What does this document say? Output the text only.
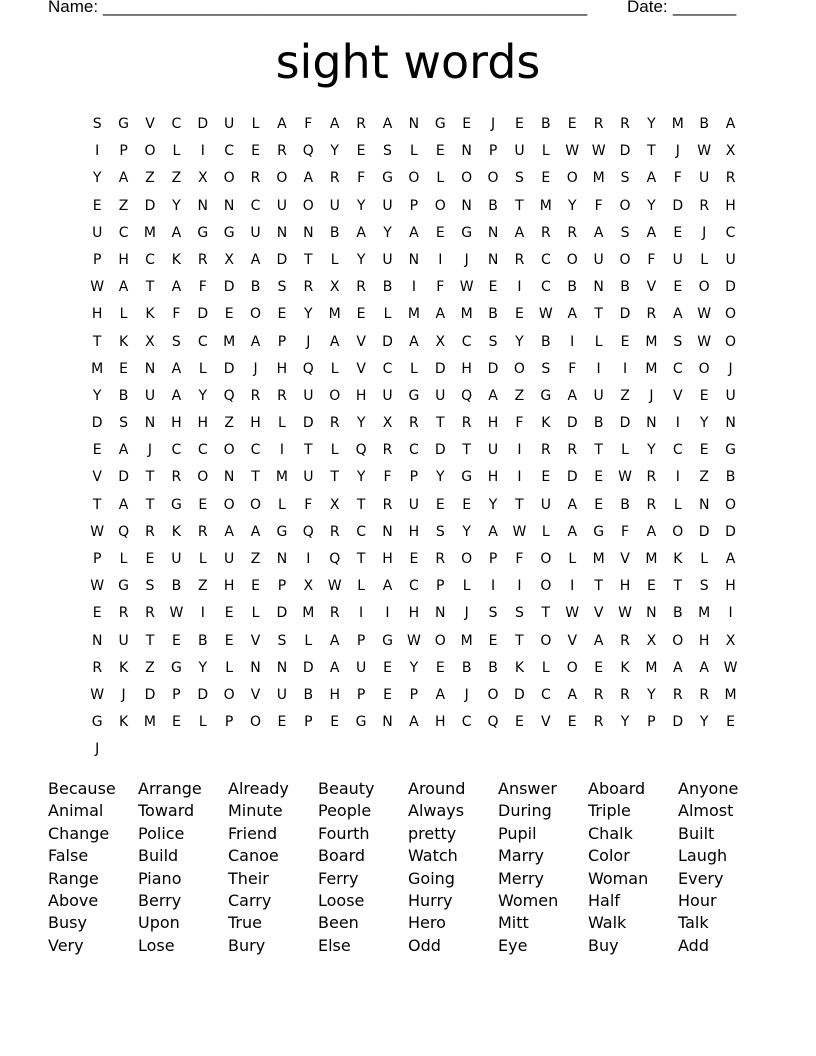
Name: ______________________________________________________ Date: _______
sight words
S	G	V	C	D	U	L	A	F	A	R	A	N	G	E	J	E	B	E	R	R	Y	M	B	A
I	P	O	L	I	C	E	R	Q	Y	E	S	L	E	N	P	U	L	W W	D	T	J	W	X
Y	A	Z	Z	X	O	R	O	A	R	F	G	O	L	O	O	S	E	O	M	S	A	F	U	R
E	Z	D	Y	N	N	C	U	O	U	Y	U	P	O	N	B	T	M	Y	F	O	Y	D	R	H
U	C	M	A	G	G	U	N	N	B	A	Y	A	E	G	N	A	R	R	A	S	A	E	J	C
P	H	C	K	R	X	A	D	T	L	Y	U	N	I	J	N	R	C	O	U	O	F	U	L	U
W	A	T	A	F	D	B	S	R	X	R	B	I	F	W	E	I	C	B	N	B	V	E	O	D
H	L	K	F	D	E	O	E	Y	M	E	L	M	A	M	B	E	W	A	T	D	R	A	W O
T	K	X	S	C	M	A	P	J	A	V	D	A	X	C	S	Y	B	I	L	E	M	S	W O
M	E	N	A	L	D	J	H	Q	L	V	C	L	D	H	D	O	S	F	I	I	M	C	O	J
Y	B	U	A	Y	Q	R	R	U	O	H	U	G	U	Q	A	Z	G	A	U	Z	J	V	E	U
D	S	N	H	H	Z	H	L	D	R	Y	X	R	T	R	H	F	K	D	B	D	N	I	Y	N
E	A	J	C	C	O	C	I	T	L	Q	R	C	D	T	U	I	R	R	T	L	Y	C	E	G
V	D	T	R	O	N	T	M	U	T	Y	F	P	Y	G	H	I	E	D	E	W	R	I	Z	B
T	A	T	G	E	O	O	L	F	X	T	R	U	E	E	Y	T	U	A	E	B	R	L	N	O
W Q	R	K	R	A	A	G	Q	R	C	N	H	S	Y	A	W	L	A	G	F	A	O	D	D
P	L	E	U	L	U	Z	N	I	Q	T	H	E	R	O	P	F	O	L	M	V	M	K	L	A
W	G	S	B	Z	H	E	P	X	W	L	A	C	P	L	I	I	O	I	T	H	E	T	S	H
E	R	R	W	I	E	L	D	M	R	I	I	H	N	J	S	S	T	W	V	W	N	B	M	I
N	U	T	E	B	E	V	S	L	A	P	G	W O	M	E	T	O	V	A	R	X	O	H	X
R	K	Z	G	Y	L	N	N	D	A	U	E	Y	E	B	B	K	L	O	E	K	M	A	A	W
W	J	D	P	D	O	V	U	B	H	P	E	P	A	J	O	D	C	A	R	R	Y	R	R	M
G	K	M	E	L	P	O	E	P	E	G	N	A	H	C	Q	E	V	E	R	Y	P	D	Y	E
J
Because	Arrange	Already	Beauty	Around	Answer	Aboard	Anyone
Animal	Toward	Minute	People	Always	During	Triple	Almost
Change	Police	Friend	Fourth	pretty	Pupil	Chalk	Built
False	Build	Canoe	Board	Watch	Marry	Color	Laugh
Range	Piano	Their	Ferry	Going	Merry	Woman	Every
Above	Berry	Carry	Loose	Hurry	Women	Half	Hour
Busy	Upon	True	Been	Hero	Mitt	Walk	Talk
Very	Lose	Bury	Else	Odd	Eye	Buy	Add
